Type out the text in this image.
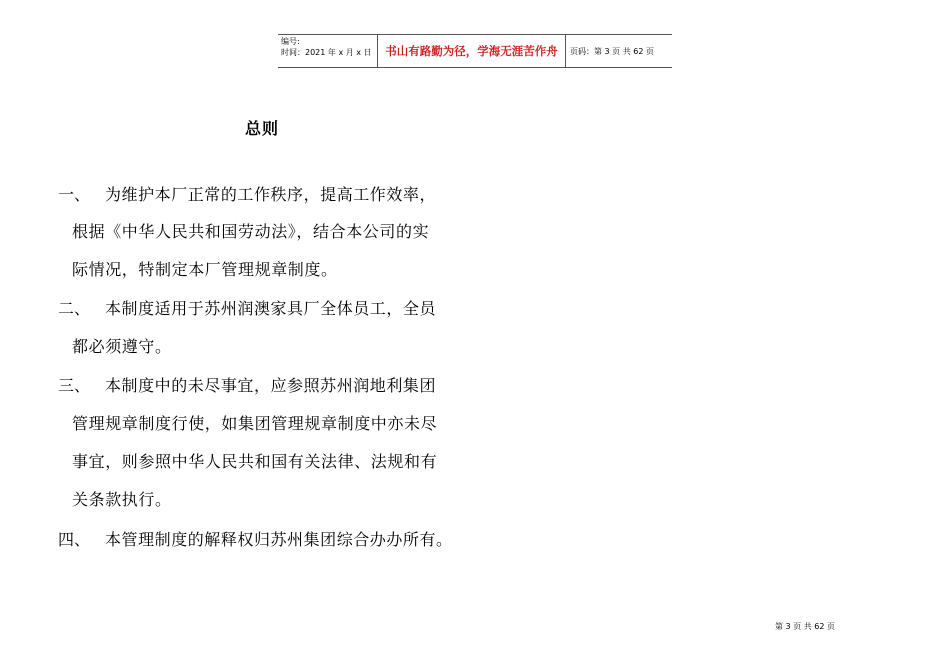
编号:
时间：2021 年 x 月 x 日	书山有路勤为径，学海无涯苦作舟	页码：第 3 页 共 62 页
总则
一、 为维护本厂正常的工作秩序，提高工作效率，
根据《中华人民共和国劳动法》，结合本公司的实
际情况，特制定本厂管理规章制度。
二、 本制度适用于苏州润澳家具厂全体员工，全员
都必须遵守。
三、 本制度中的未尽事宜，应参照苏州润地利集团
管理规章制度行使，如集团管理规章制度中亦未尽
事宜，则参照中华人民共和国有关法律、法规和有
关条款执行。
四、 本管理制度的解释权归苏州集团综合办办所有。
第 3 页 共 62 页
